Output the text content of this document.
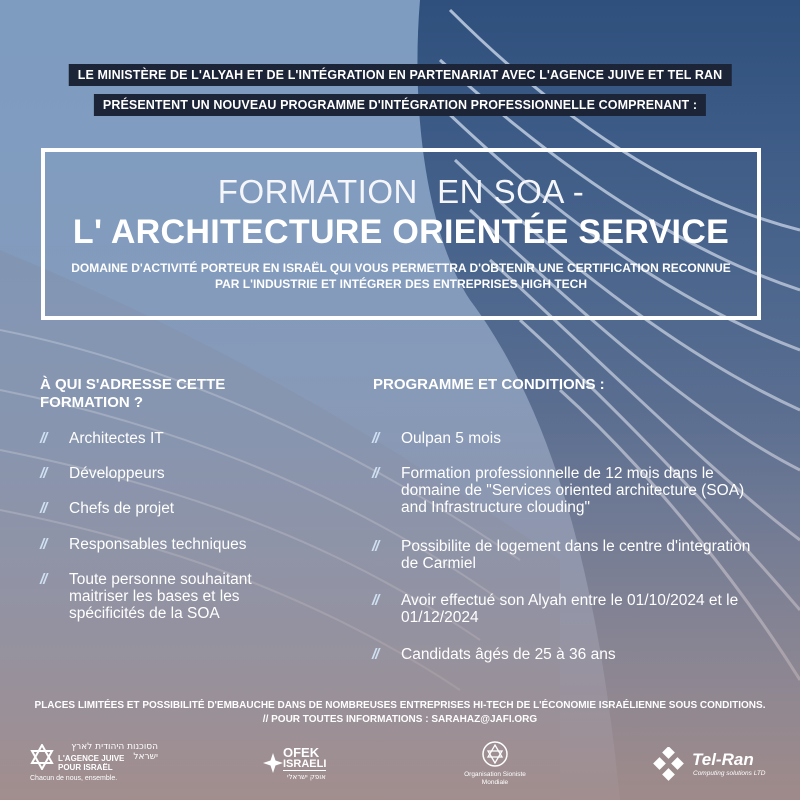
LE MINISTÈRE DE L'ALYAH ET DE L'INTÉGRATION EN PARTENARIAT AVEC L'AGENCE JUIVE ET TEL RAN
PRÉSENTENT UN NOUVEAU PROGRAMME D'INTÉGRATION PROFESSIONNELLE COMPRENANT :
FORMATION  EN SOA -
L' ARCHITECTURE ORIENTÉE SERVICE
DOMAINE D'ACTIVITÉ PORTEUR EN ISRAËL QUI VOUS PERMETTRA D'OBTENIR UNE CERTIFICATION RECONNUE PAR L'INDUSTRIE ET INTÉGRER DES ENTREPRISES HIGH TECH
À QUI S'ADRESSE CETTE FORMATION ?
PROGRAMME ET CONDITIONS :
//	Architectes IT
//	Développeurs
//	Chefs de projet
//	Responsables techniques
//	Toute personne souhaitant maitriser les bases et les spécificités de la SOA
//	Oulpan 5 mois
//	Formation professionnelle de 12 mois dans le domaine de "Services oriented architecture (SOA) and Infrastructure clouding"
//	Possibilite de logement dans le centre d'integration de Carmiel
//	Avoir effectué son Alyah entre le 01/10/2024 et le 01/12/2024
//	Candidats âgés de 25 à 36 ans
PLACES LIMITÉES ET POSSIBILITÉ D'EMBAUCHE DANS DE NOMBREUSES ENTREPRISES HI-TECH DE L'ÉCONOMIE ISRAÉLIENNE SOUS CONDITIONS.
// POUR TOUTES INFORMATIONS : SARAHAZ@JAFI.ORG
הסוכנות היהודית לארץ ישראל
L'AGENCE JUIVE POUR ISRAËL
Chacun de nous, ensemble.
OFEK
ISRAELI
אופק ישראלי	Organisation Sioniste
Mondiale
Tel-Ran
Computing solutions LTD
